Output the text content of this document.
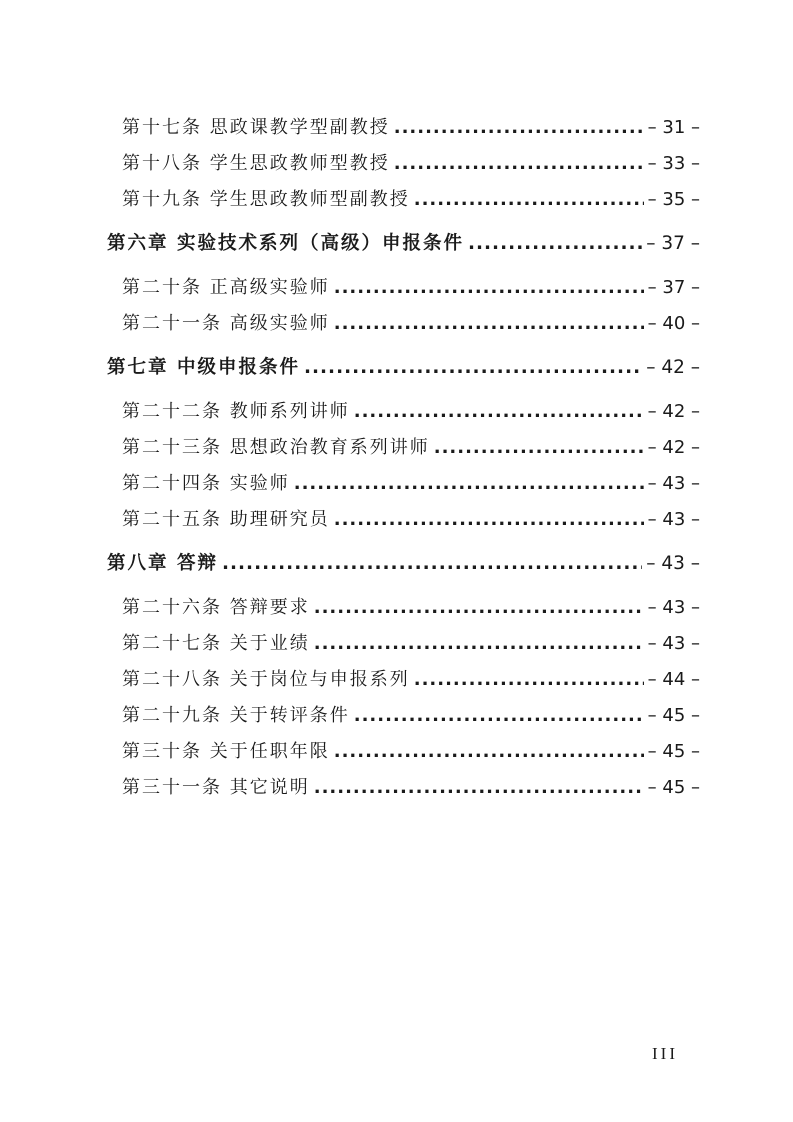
第十七条 思政课教学型副教授 .....	– 31 –
第十八条 学生思政教师型教授 .....	– 33 –
第十九条 学生思政教师型副教授 .....	– 35 –
第六章 实验技术系列（高级）申报条件 .....	– 37 –
第二十条 正高级实验师 .....	– 37 –
第二十一条 高级实验师 .....	– 40 –
第七章 中级申报条件 .....	– 42 –
第二十二条 教师系列讲师 .....	– 42 –
第二十三条 思想政治教育系列讲师 .....	– 42 –
第二十四条 实验师 .....	– 43 –
第二十五条 助理研究员 .....	– 43 –
第八章 答辩 .....	– 43 –
第二十六条 答辩要求 .....	– 43 –
第二十七条 关于业绩 .....	– 43 –
第二十八条 关于岗位与申报系列 .....	– 44 –
第二十九条 关于转评条件 .....	– 45 –
第三十条 关于任职年限 .....	– 45 –
第三十一条 其它说明 .....	– 45 –
III
